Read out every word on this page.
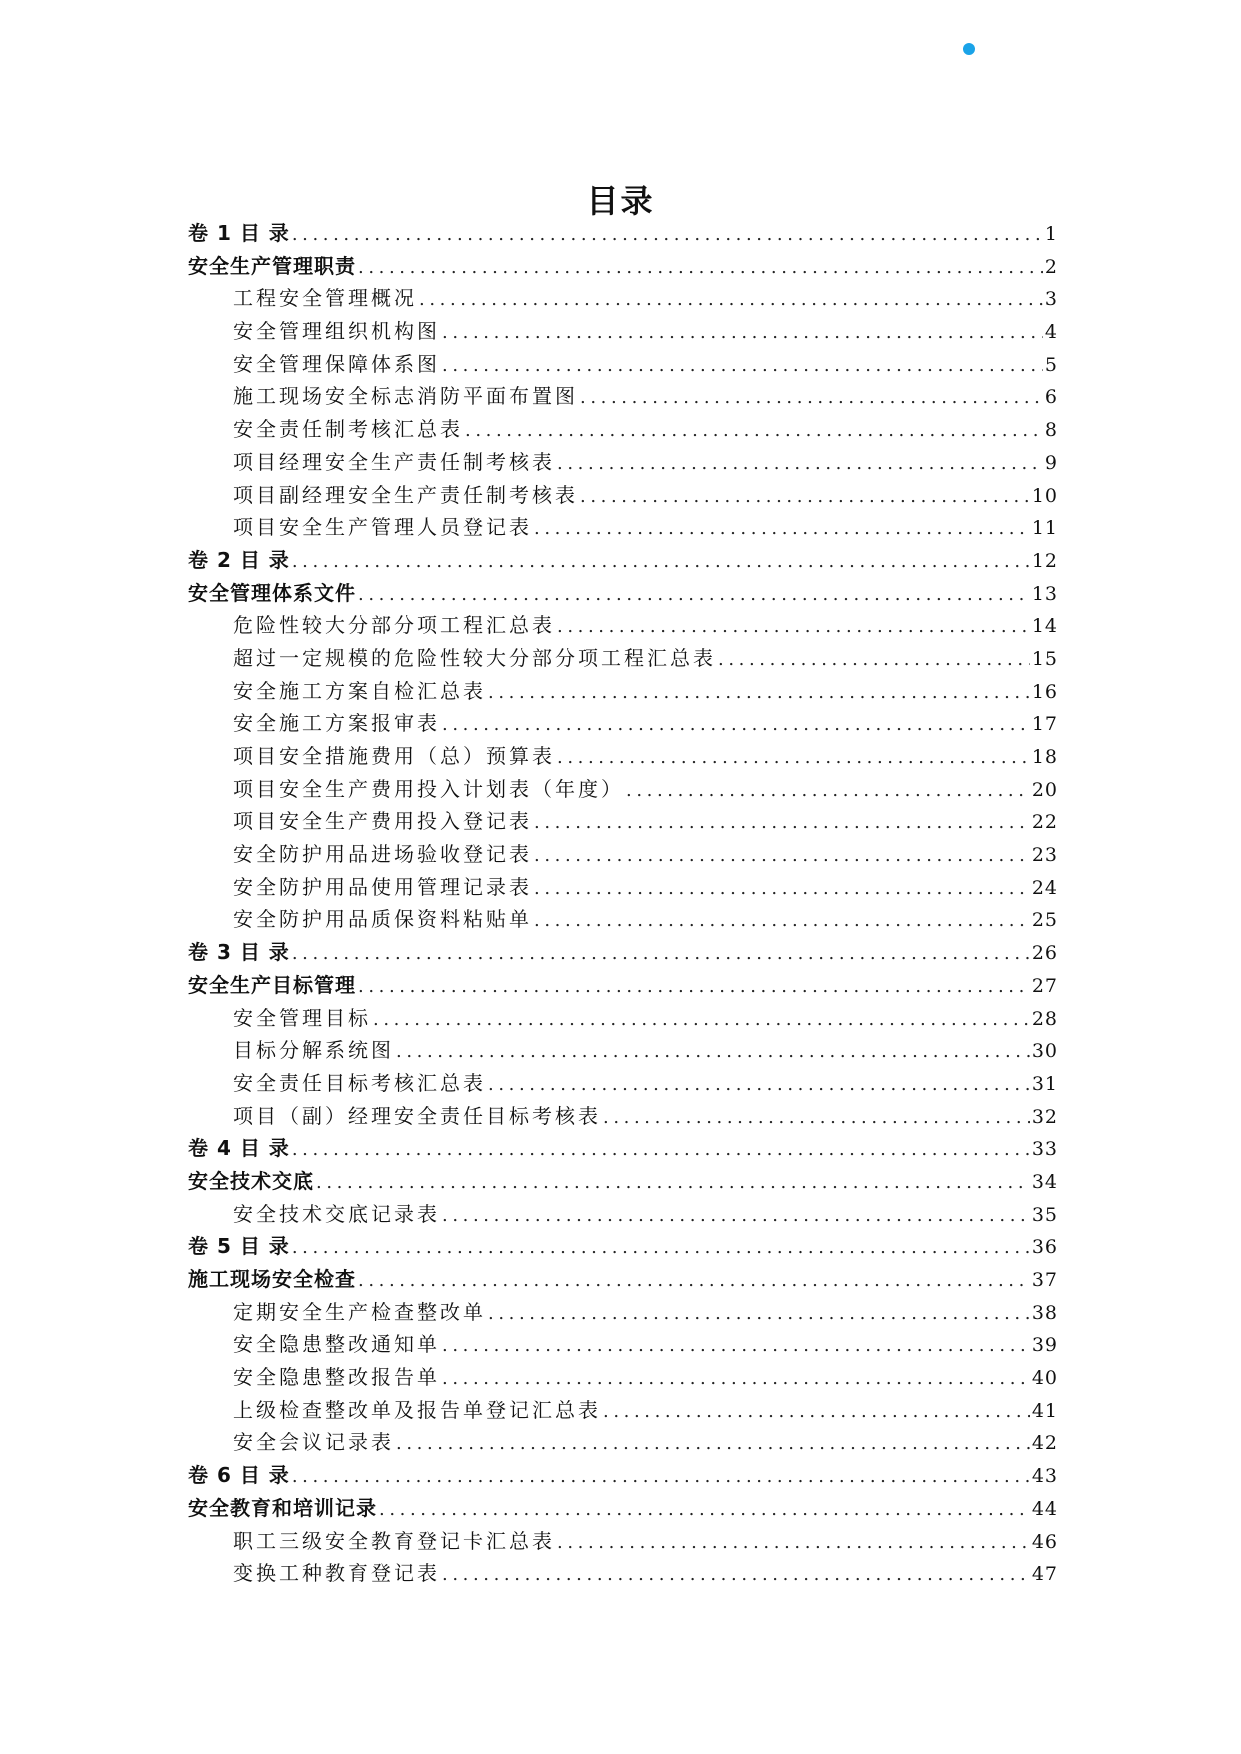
目录
卷 1 目 录 .....	1
安全生产管理职责 .....	2
工程安全管理概况 .....	3
安全管理组织机构图 .....	4
安全管理保障体系图 .....	5
施工现场安全标志消防平面布置图 .....	6
安全责任制考核汇总表 .....	8
项目经理安全生产责任制考核表 .....	9
项目副经理安全生产责任制考核表 .....	10
项目安全生产管理人员登记表 .....	11
卷 2 目 录 .....	12
安全管理体系文件 .....	13
危险性较大分部分项工程汇总表 .....	14
超过一定规模的危险性较大分部分项工程汇总表 .....	15
安全施工方案自检汇总表 .....	16
安全施工方案报审表 .....	17
项目安全措施费用（总）预算表 .....	18
项目安全生产费用投入计划表（年度） .....	20
项目安全生产费用投入登记表 .....	22
安全防护用品进场验收登记表 .....	23
安全防护用品使用管理记录表 .....	24
安全防护用品质保资料粘贴单 .....	25
卷 3 目 录 .....	26
安全生产目标管理 .....	27
安全管理目标 .....	28
目标分解系统图 .....	30
安全责任目标考核汇总表 .....	31
项目（副）经理安全责任目标考核表 .....	32
卷 4 目 录 .....	33
安全技术交底 .....	34
安全技术交底记录表 .....	35
卷 5 目 录 .....	36
施工现场安全检查 .....	37
定期安全生产检查整改单 .....	38
安全隐患整改通知单 .....	39
安全隐患整改报告单 .....	40
上级检查整改单及报告单登记汇总表 .....	41
安全会议记录表 .....	42
卷 6 目 录 .....	43
安全教育和培训记录 .....	44
职工三级安全教育登记卡汇总表 .....	46
变换工种教育登记表 .....	47
